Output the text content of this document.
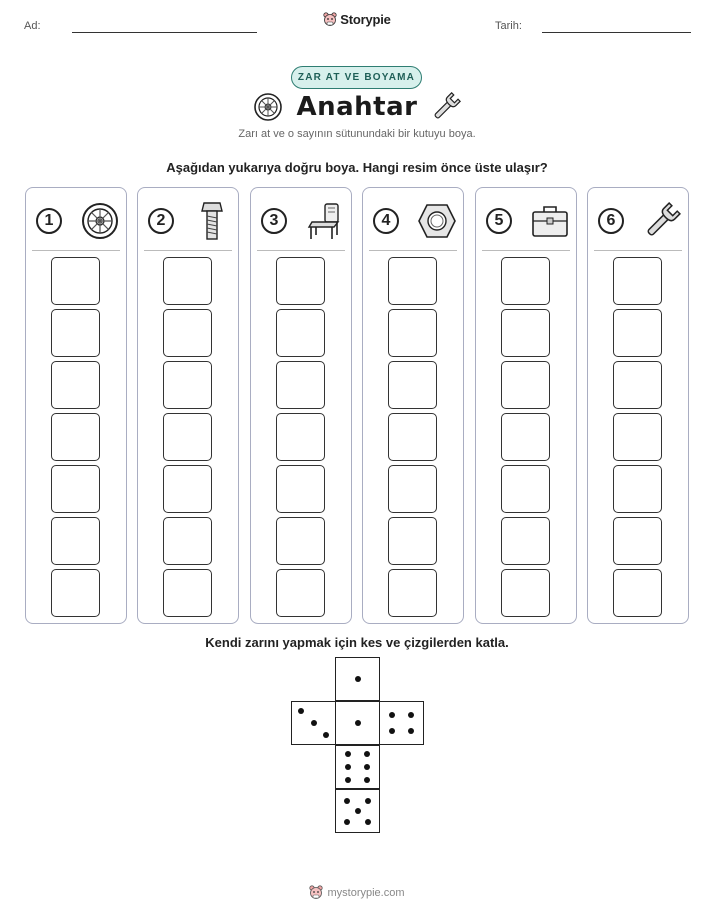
Ad:	Storypie	Tarih:
ZAR AT VE BOYAMA
Anahtar
Zarı at ve o sayının sütunundaki bir kutuyu boya.
Aşağıdan yukarıya doğru boya. Hangi resim önce üste ulaşır?
1	2	3	4	5	6
Kendi zarını yapmak için kes ve çizgilerden katla.
mystorypie.com
